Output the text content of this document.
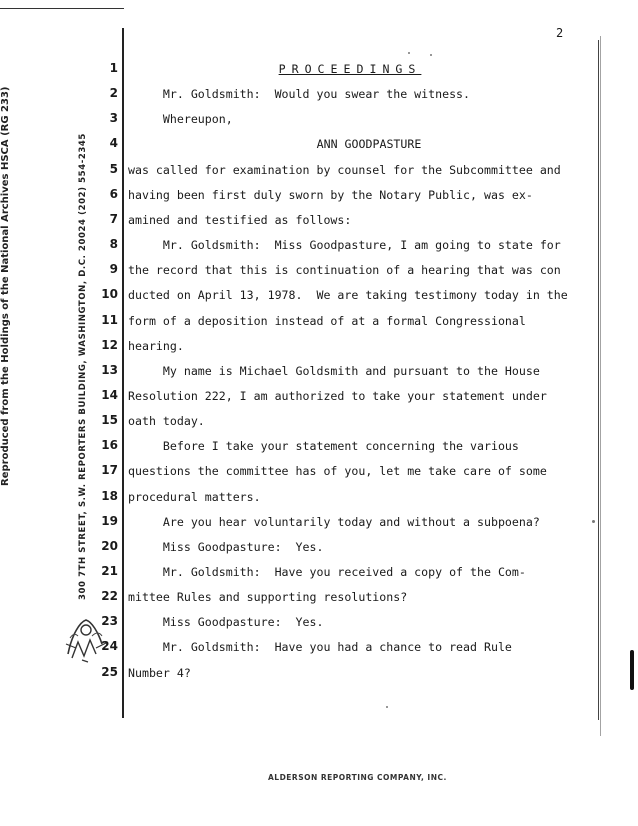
2
Reproduced from the Holdings of the National Archives HSCA (RG 233)	300 7TH STREET, S.W. REPORTERS BUILDING, WASHINGTON, D.C. 20024 (202) 554-2345
1	PROCEEDINGS
2 Mr. Goldsmith:  Would you swear the witness.
3 Whereupon,
4	ANN GOODPASTURE
5 was called for examination by counsel for the Subcommittee and
6 having been first duly sworn by the Notary Public, was ex-
7 amined and testified as follows:
8 Mr. Goldsmith:  Miss Goodpasture, I am going to state for
9 the record that this is continuation of a hearing that was con
10 ducted on April 13, 1978.  We are taking testimony today in the
11 form of a deposition instead of at a formal Congressional
12 hearing.
13 My name is Michael Goldsmith and pursuant to the House
14 Resolution 222, I am authorized to take your statement under
15 oath today.
16 Before I take your statement concerning the various
17 questions the committee has of you, let me take care of some
18 procedural matters.
19 Are you hear voluntarily today and without a subpoena?
20 Miss Goodpasture:  Yes.
21 Mr. Goldsmith:  Have you received a copy of the Com-
22 mittee Rules and supporting resolutions?
23 Miss Goodpasture:  Yes.
24 Mr. Goldsmith:  Have you had a chance to read Rule
25 Number 4?
ALDERSON REPORTING COMPANY, INC.
